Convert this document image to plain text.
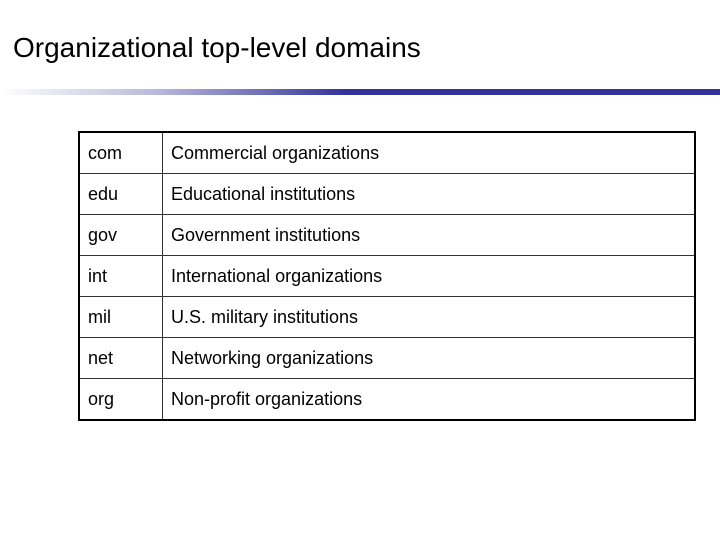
Organizational top-level domains
com	Commercial organizations
edu	Educational institutions
gov	Government institutions
int	International organizations
mil	U.S. military institutions
net	Networking organizations
org	Non-profit organizations
